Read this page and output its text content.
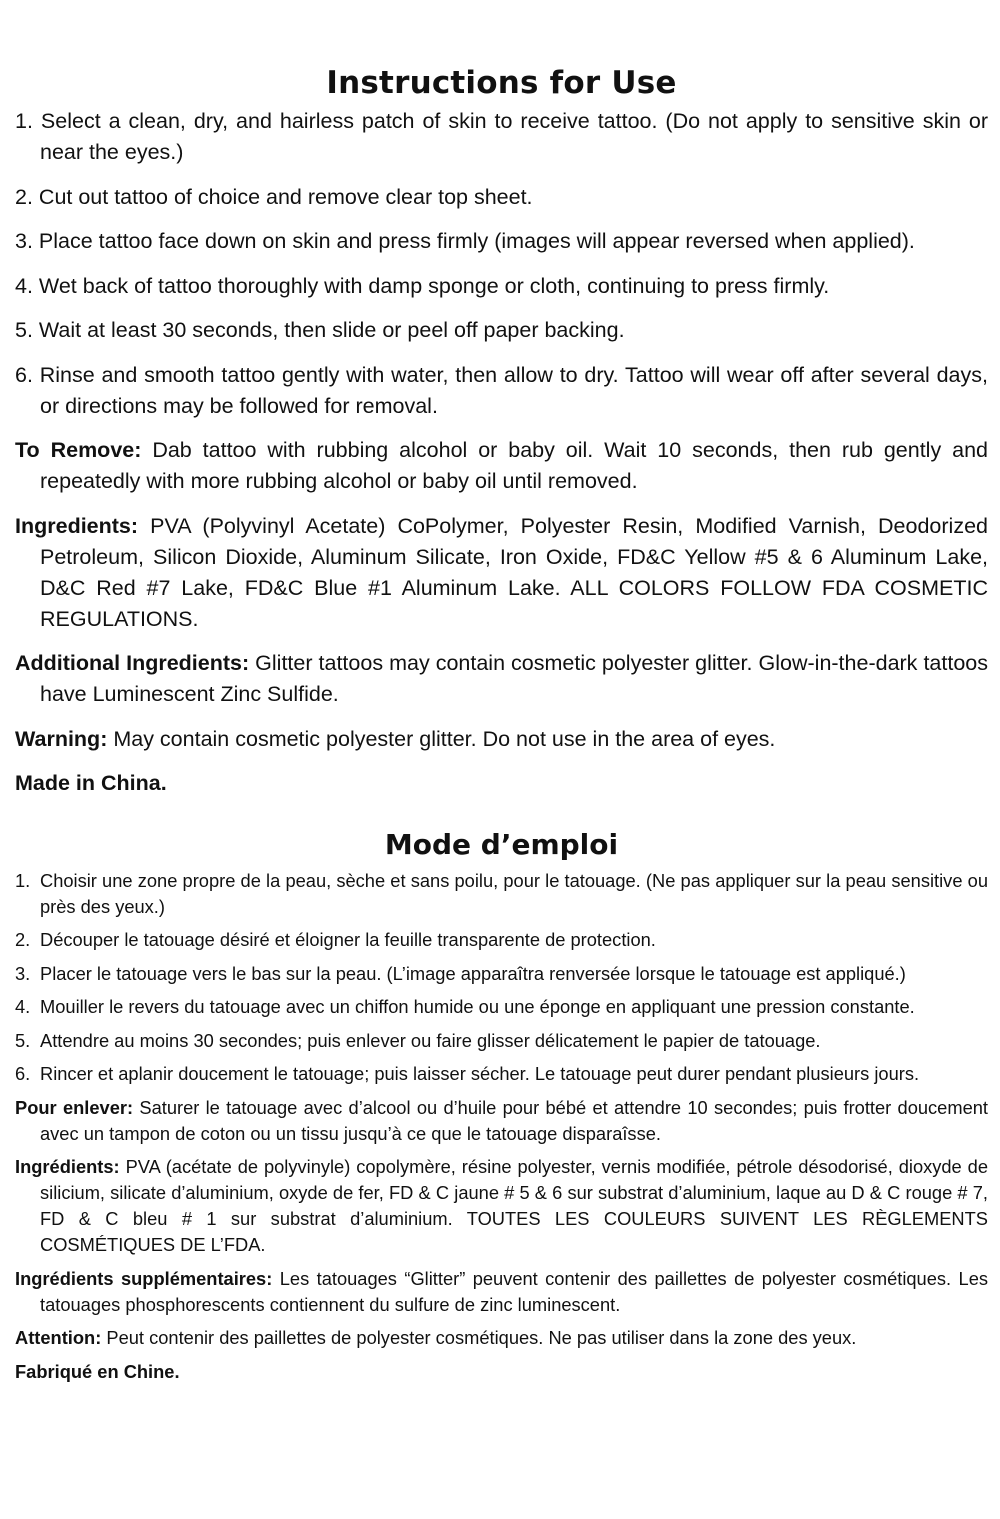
Instructions for Use

1. Select a clean, dry, and hairless patch of skin to receive tattoo. (Do not apply to sensitive skin or near the eyes.)

2. Cut out tattoo of choice and remove clear top sheet.

3. Place tattoo face down on skin and press firmly (images will appear reversed when applied).

4. Wet back of tattoo thoroughly with damp sponge or cloth, continuing to press firmly.

5. Wait at least 30 seconds, then slide or peel off paper backing.

6. Rinse and smooth tattoo gently with water, then allow to dry. Tattoo will wear off after several days, or directions may be followed for removal.

To Remove: Dab tattoo with rubbing alcohol or baby oil. Wait 10 seconds, then rub gently and repeatedly with more rubbing alcohol or baby oil until removed.

Ingredients: PVA (Polyvinyl Acetate) CoPolymer, Polyester Resin, Modified Varnish, Deodorized Petroleum, Silicon Dioxide, Aluminum Silicate, Iron Oxide, FD&C Yellow #5 & 6 Aluminum Lake, D&C Red #7 Lake, FD&C Blue #1 Aluminum Lake. ALL COLORS FOLLOW FDA COSMETIC REGULATIONS.

Additional Ingredients: Glitter tattoos may contain cosmetic polyester glitter. Glow-in-the-dark tattoos have Luminescent Zinc Sulfide.

Warning: May contain cosmetic polyester glitter. Do not use in the area of eyes.

Made in China.

Mode d’emploi

1. Choisir une zone propre de la peau, sèche et sans poilu, pour le tatouage. (Ne pas appliquer sur la peau sensitive ou près des yeux.)

2. Découper le tatouage désiré et éloigner la feuille transparente de protection.

3. Placer le tatouage vers le bas sur la peau. (L’image apparaîtra renversée lorsque le tatouage est appliqué.)

4. Mouiller le revers du tatouage avec un chiffon humide ou une éponge en appliquant une pression constante.

5. Attendre au moins 30 secondes; puis enlever ou faire glisser délicatement le papier de tatouage.

6. Rincer et aplanir doucement le tatouage; puis laisser sécher. Le tatouage peut durer pendant plusieurs jours.

Pour enlever: Saturer le tatouage avec d’alcool ou d’huile pour bébé et attendre 10 secondes; puis frotter doucement avec un tampon de coton ou un tissu jusqu’à ce que le tatouage disparaîsse.

Ingrédients: PVA (acétate de polyvinyle) copolymère, résine polyester, vernis modifiée, pétrole désodorisé, dioxyde de silicium, silicate d’aluminium, oxyde de fer, FD & C jaune # 5 & 6 sur substrat d’aluminium, laque au D & C rouge # 7, FD & C bleu # 1 sur substrat d’aluminium. TOUTES LES COULEURS SUIVENT LES RÈGLEMENTS COSMÉTIQUES DE L’FDA.

Ingrédients supplémentaires: Les tatouages “Glitter” peuvent contenir des paillettes de polyester cosmétiques. Les tatouages phosphorescents contiennent du sulfure de zinc luminescent.

Attention: Peut contenir des paillettes de polyester cosmétiques. Ne pas utiliser dans la zone des yeux.

Fabriqué en Chine.
